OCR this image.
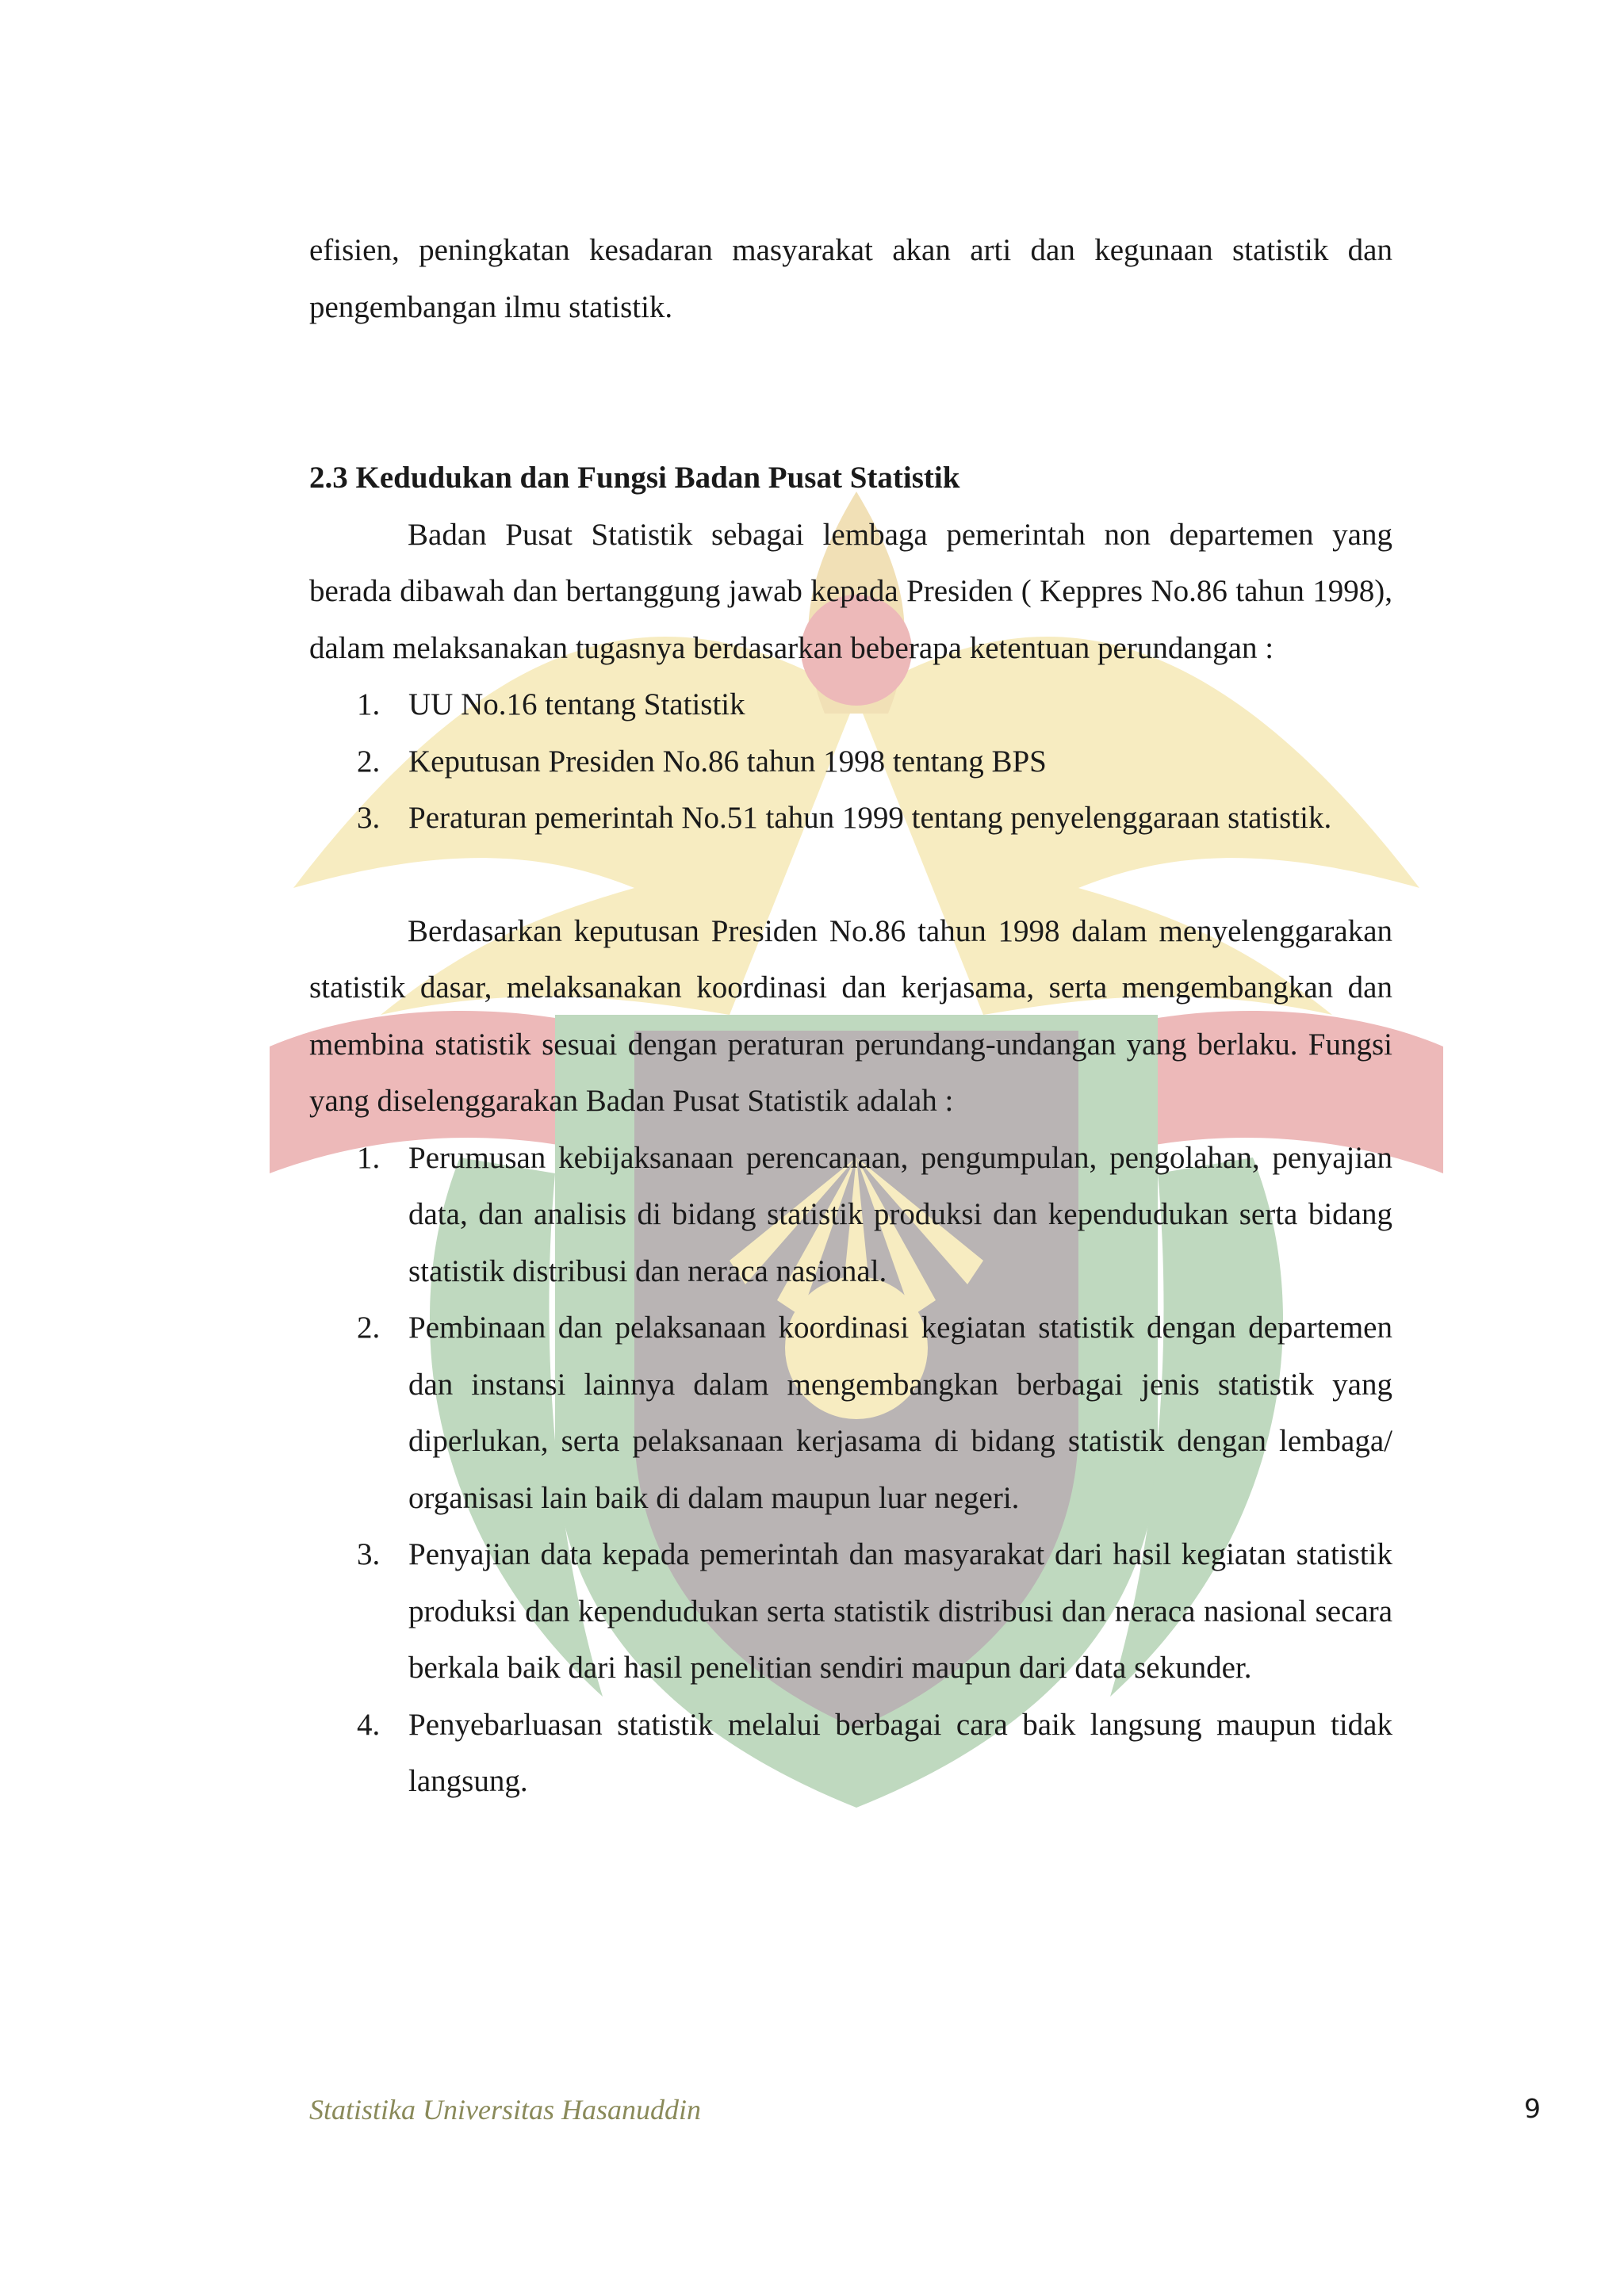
efisien, peningkatan kesadaran masyarakat akan arti dan kegunaan statistik dan pengembangan ilmu statistik.

2.3 Kedudukan dan Fungsi Badan Pusat Statistik

Badan Pusat Statistik sebagai lembaga pemerintah non departemen yang berada dibawah dan bertanggung jawab kepada Presiden ( Keppres No.86 tahun 1998), dalam melaksanakan tugasnya berdasarkan beberapa ketentuan perundangan :

1. UU No.16 tentang Statistik
2. Keputusan Presiden No.86 tahun 1998 tentang BPS
3. Peraturan pemerintah No.51 tahun 1999 tentang penyelenggaraan statistik.

Berdasarkan keputusan Presiden No.86 tahun 1998 dalam menyelenggarakan statistik dasar, melaksanakan koordinasi dan kerjasama, serta mengembangkan dan membina statistik sesuai dengan peraturan perundang-undangan yang berlaku. Fungsi yang diselenggarakan Badan Pusat Statistik adalah :

1. Perumusan kebijaksanaan perencanaan, pengumpulan, pengolahan, penyajian data, dan analisis di bidang statistik produksi dan kependudukan serta bidang statistik distribusi dan neraca nasional.
2. Pembinaan dan pelaksanaan koordinasi kegiatan statistik dengan departemen dan instansi lainnya dalam mengembangkan berbagai jenis statistik yang diperlukan, serta pelaksanaan kerjasama di bidang statistik dengan lembaga/ organisasi lain baik di dalam maupun luar negeri.
3. Penyajian data kepada pemerintah dan masyarakat dari hasil kegiatan statistik produksi dan kependudukan serta statistik distribusi dan neraca nasional secara berkala baik dari hasil penelitian sendiri maupun dari data sekunder.
4. Penyebarluasan statistik melalui berbagai cara baik langsung maupun tidak langsung.
Statistika Universitas Hasanuddin	9
